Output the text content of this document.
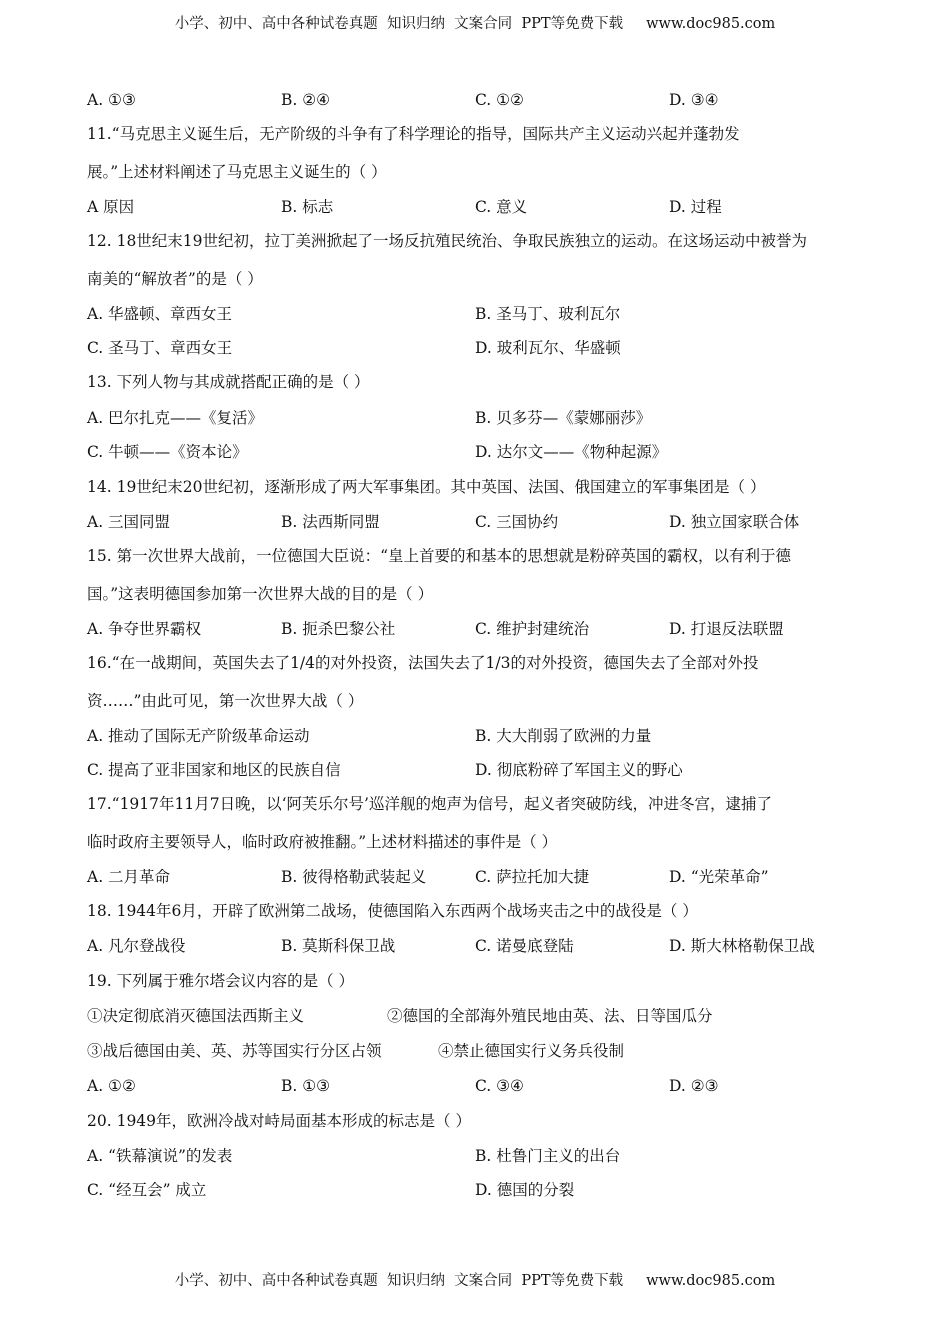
小学、初中、高中各种试卷真题  知识归纳  文案合同  PPT等免费下载     www.doc985.com
A. ①③	B. ②④	C. ①②	D. ③④
11.“马克思主义诞生后，无产阶级的斗争有了科学理论的指导，国际共产主义运动兴起并蓬勃发
展。”上述材料阐述了马克思主义诞生的（ ）
A 原因	B. 标志	C. 意义	D. 过程
12. 18世纪末19世纪初，拉丁美洲掀起了一场反抗殖民统治、争取民族独立的运动。在这场运动中被誉为
南美的“解放者”的是（ ）
A. 华盛顿、章西女王	B. 圣马丁、玻利瓦尔
C. 圣马丁、章西女王	D. 玻利瓦尔、华盛顿
13. 下列人物与其成就搭配正确的是（ ）
A. 巴尔扎克——《复活》	B. 贝多芬—《蒙娜丽莎》
C. 牛顿——《资本论》	D. 达尔文——《物种起源》
14. 19世纪末20世纪初，逐渐形成了两大军事集团。其中英国、法国、俄国建立的军事集团是（ ）
A. 三国同盟	B. 法西斯同盟	C. 三国协约	D. 独立国家联合体
15. 第一次世界大战前，一位德国大臣说：“皇上首要的和基本的思想就是粉碎英国的霸权，以有利于德
国。”这表明德国参加第一次世界大战的目的是（ ）
A. 争夺世界霸权	B. 扼杀巴黎公社	C. 维护封建统治	D. 打退反法联盟
16.“在一战期间，英国失去了1/4的对外投资，法国失去了1/3的对外投资，德国失去了全部对外投
资……”由此可见，第一次世界大战（ ）
A. 推动了国际无产阶级革命运动	B. 大大削弱了欧洲的力量
C. 提高了亚非国家和地区的民族自信	D. 彻底粉碎了军国主义的野心
17.“1917年11月7日晚，以‘阿芙乐尔号’巡洋舰的炮声为信号，起义者突破防线，冲进冬宫，逮捕了
临时政府主要领导人，临时政府被推翻。”上述材料描述的事件是（ ）
A. 二月革命	B. 彼得格勒武装起义	C. 萨拉托加大捷	D. “光荣革命”
18. 1944年6月，开辟了欧洲第二战场，使德国陷入东西两个战场夹击之中的战役是（ ）
A. 凡尔登战役	B. 莫斯科保卫战	C. 诺曼底登陆	D. 斯大林格勒保卫战
19. 下列属于雅尔塔会议内容的是（ ）
①决定彻底消灭德国法西斯主义	②德国的全部海外殖民地由英、法、日等国瓜分
③战后德国由美、英、苏等国实行分区占领	④禁止德国实行义务兵役制
A. ①②	B. ①③	C. ③④	D. ②③
20. 1949年，欧洲冷战对峙局面基本形成的标志是（ ）
A. “铁幕演说”的发表	B. 杜鲁门主义的出台
C. “经互会” 成立	D. 德国的分裂
小学、初中、高中各种试卷真题  知识归纳  文案合同  PPT等免费下载     www.doc985.com
